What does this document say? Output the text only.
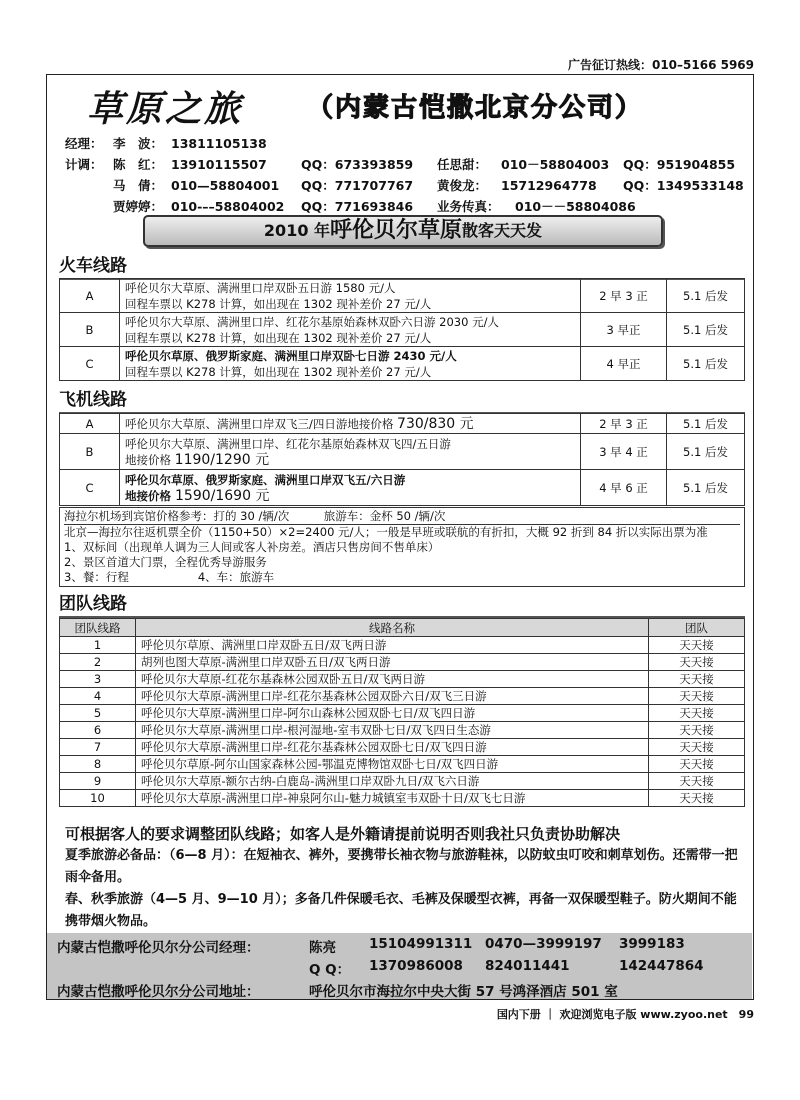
广告征订热线：010–5166 5969
草原之旅 （内蒙古恺撒北京分公司）
经理： 李　波： 13811105138
计调： 陈　红： 13910115507	QQ：673393859 任思甜： 010－58804003 QQ：951904855
马　倩： 010—58804001 QQ：771707767 黄俊龙： 15712964778 QQ：1349533148
贾婷婷： 010-––58804002 QQ：771693846 业务传真： 010－－58804086
2010 年呼伦贝尔草原散客天天发
火车线路
A	呼伦贝尔大草原、满洲里口岸双卧五日游 1580 元/人
回程车票以 K278 计算，如出现在 1302 现补差价 27 元/人	2 早 3 正	5.1 后发
B	呼伦贝尔大草原、满洲里口岸、红花尔基原始森林双卧六日游 2030 元/人
回程车票以 K278 计算，如出现在 1302 现补差价 27 元/人	3 早正	5.1 后发
C	呼伦贝尔草原、俄罗斯家庭、满洲里口岸双卧七日游 2430 元/人
回程车票以 K278 计算，如出现在 1302 现补差价 27 元/人	4 早正	5.1 后发
飞机线路
A	呼伦贝尔大草原、满洲里口岸双飞三/四日游地接价格 730/830 元	2 早 3 正	5.1 后发
B	呼伦贝尔大草原、满洲里口岸、红花尔基原始森林双飞四/五日游
地接价格 1190/1290 元	3 早 4 正	5.1 后发
C	呼伦贝尔草原、俄罗斯家庭、满洲里口岸双飞五/六日游
地接价格 1590/1690 元	4 早 6 正	5.1 后发
海拉尔机场到宾馆价格参考：打的 30 /辆/次　　　旅游车：金杯 50 /辆/次
北京—海拉尔往返机票全价（1150+50）×2=2400 元/人；一般是早班或联航的有折扣，大概 92 折到 84 折以实际出票为准
1、双标间（出现单人调为三人间或客人补房差。酒店只售房间不售单床）
2、景区首道大门票，全程优秀导游服务
3、餐：行程　　　　　　4、车：旅游车
团队线路
团队线路	线路名称	团队
1	呼伦贝尔草原、满洲里口岸双卧五日/双飞两日游	天天接
2	胡列也图大草原-满洲里口岸双卧五日/双飞两日游	天天接
3	呼伦贝尔大草原-红花尔基森林公园双卧五日/双飞两日游	天天接
4	呼伦贝尔大草原-满洲里口岸-红花尔基森林公园双卧六日/双飞三日游	天天接
5	呼伦贝尔大草原-满洲里口岸-阿尔山森林公园双卧七日/双飞四日游	天天接
6	呼伦贝尔大草原-满洲里口岸-根河湿地-室韦双卧七日/双飞四日生态游	天天接
7	呼伦贝尔大草原-满洲里口岸-红花尔基森林公园双卧七日/双飞四日游	天天接
8	呼伦贝尔草原-阿尔山国家森林公园-鄂温克博物馆双卧七日/双飞四日游	天天接
9	呼伦贝尔大草原-额尔古纳-白鹿岛-满洲里口岸双卧九日/双飞六日游	天天接
10	呼伦贝尔大草原-满洲里口岸-神泉阿尔山-魅力城镇室韦双卧十日/双飞七日游	天天接
可根据客人的要求调整团队线路；如客人是外籍请提前说明否则我社只负责协助解决
夏季旅游必备品：（6—8 月）：在短袖衣、裤外，要携带长袖衣物与旅游鞋袜，以防蚊虫叮咬和刺草划伤。还需带一把雨伞备用。
春、秋季旅游（4—5 月、9—10 月）；多备几件保暖毛衣、毛裤及保暖型衣裤，再备一双保暖型鞋子。防火期间不能携带烟火物品。
内蒙古恺撒呼伦贝尔分公司经理：	陈亮 15104991311 0470—3999197 3999183
Q Q： 1370986008 824011441	142447864
内蒙古恺撒呼伦贝尔分公司地址：	呼伦贝尔市海拉尔中央大街 57 号鸿泽酒店 501 室
国内下册 ｜ 欢迎浏览电子版 www.zyoo.net　99
